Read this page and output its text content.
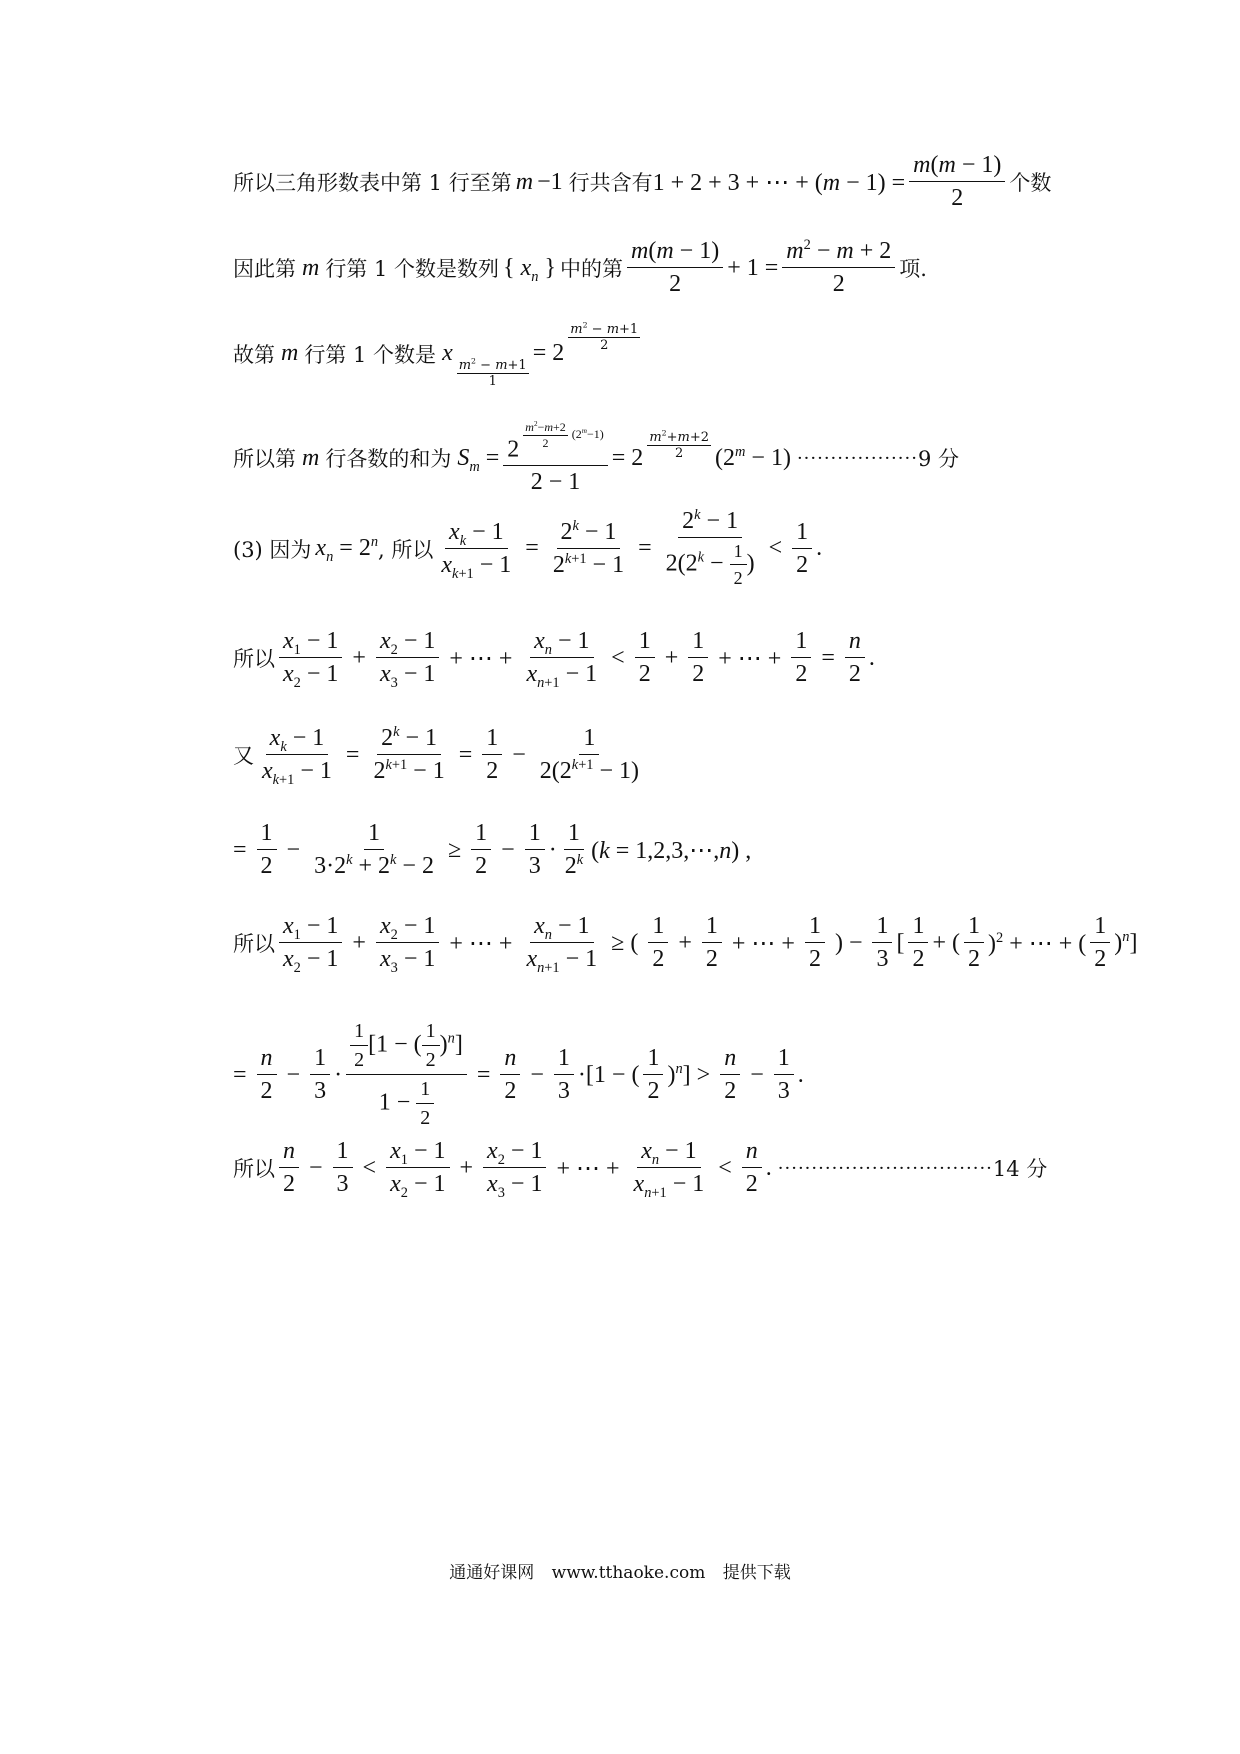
所以三角形数表中第 1 行至第 m −1 行共含有 1 + 2 + 3 + ⋯ + $(m - 1) = \frac{m(m - 1)}{2}$ 个数
因此第 m 行第 1 个数是数列 { $x_n$ } 中的第 $\frac{m(m - 1)}{2} + 1 = \frac{m^2 - m + 2}{2}$ 项.
故第 m 行第 1 个数是 x
$\frac{m^2 - m+1}{1}$
= $2 \frac{m^2 - m+1}{2}$
所以第 m 行各数的和为 $S_m = 2$ $^{\frac{m^2-m+2}{2} (2^m-1)}$
$2 - 1 = 2 \frac{m^2+m+2}{2} (2^m - 1)$ ·················· 9 分
(3) 因为 $x_n = 2^n$ , 所以 $\frac{x_k - 1}{x_{k+1} - 1} = \frac{2^k - 1}{2^{k+1} - 1} = \frac{2^k - 1}{2(2^k - \frac{1}{2} )} < \frac{1}{2}$ .
所以 $\frac{x_1 - 1}{x_2 - 1} + \frac{x_2 - 1}{x_3 - 1}$ + ⋯ + $\frac{x_n - 1}{x_{n+1} - 1} < \frac{1}{2} + \frac{1}{2}$ + ⋯ + $\frac{1}{2} = \frac{n}{2}$ .
又 $\frac{x_k - 1}{x_{k+1} - 1} = \frac{2^k - 1}{2^{k+1} - 1} = \frac{1}{2} - \frac{1}{2(2^{k+1} - 1)}$
= $\frac{1}{2} - \frac{1}{3\cdot 2^k + 2^k - 2} \ge \frac{1}{2} - \frac{1}{3} \cdot \frac{1}{2^k} (k$ = 1,2,3,⋯,n) ,
所以 $\frac{x_1 - 1}{x_2 - 1} + \frac{x_2 - 1}{x_3 - 1}$ + ⋯ + $\frac{x_n - 1}{x_{n+1} - 1}$ ≥ ( $\frac{1}{2} + \frac{1}{2}$ + ⋯ + $\frac{1}{2}$ ) − $\frac{1}{3}$ [ $\frac{1}{2}$ + ( $\frac{1}{2} )^2$ + ⋯ + ( $\frac{1}{2} )^n$]
= $\frac{n}{2} - \frac{1}{3} \cdot \frac{\frac{1}{2} [1 - ( \frac{1}{2} )^n]}{1 - \frac{1}{2}} = \frac{n}{2} - \frac{1}{3} \cdot[1$ − ( $\frac{1}{2} )^n] > \frac{n}{2} - \frac{1}{3}$ .
所以 $\frac{n}{2} - \frac{1}{3} < \frac{x_1 - 1}{x_2 - 1} + \frac{x_2 - 1}{x_3 - 1}$ + ⋯ + $\frac{x_n - 1}{x_{n+1} - 1} < \frac{n}{2}$ . ································ 14 分
通通好课网 www.tthaoke.com 提供下载
